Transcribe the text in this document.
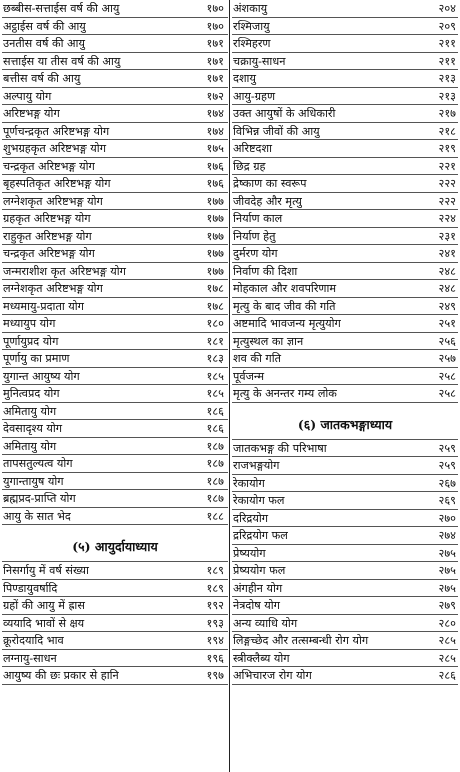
छब्बीस-सत्ताईस वर्ष की आयु	१७०
अट्ठाईस वर्ष की आयु	१७०
उनतीस वर्ष की आयु	१७१
सत्ताईस या तीस वर्ष की आयु	१७१
बत्तीस वर्ष की आयु	१७१
अल्पायु योग	१७२
अरिष्टभङ्ग योग	१७४
पूर्णचन्द्रकृत अरिष्टभङ्ग योग	१७४
शुभग्रहकृत अरिष्टभङ्ग योग	१७५
चन्द्रकृत अरिष्टभङ्ग योग	१७६
बृहस्पतिकृत अरिष्टभङ्ग योग	१७६
लग्नेशकृत अरिष्टभङ्ग योग	१७७
ग्रहकृत अरिष्टभङ्ग योग	१७७
राहुकृत अरिष्टभङ्ग योग	१७७
चन्द्रकृत अरिष्टभङ्ग योग	१७७
जन्मराशीश कृत अरिष्टभङ्ग योग	१७७
लग्नेशकृत अरिष्टभङ्ग योग	१७८
मध्यमायु-प्रदाता योग	१७८
मध्यायुप योग	१८०
पूर्णायुप्रद योग	१८१
पूर्णायु का प्रमाण	१८३
युगान्त आयुष्य योग	१८५
मुनित्वप्रद योग	१८५
अमितायु योग	१८६
देवसादृश्य योग	१८६
अमितायु योग	१८७
तापसतुल्यत्व योग	१८७
युगान्तायुष योग	१८७
ब्रह्मप्रद-प्राप्ति योग	१८७
आयु के सात भेद	१८८
(५) आयुर्दायाध्याय
निसर्गायु में वर्ष संख्या	१८९
पिण्डायुवर्षादि	१८९
ग्रहों की आयु में ह्रास	१९२
व्ययादि भावों से क्षय	१९३
क्रूरोदयादि भाव	१९४
लग्नायु-साधन	१९६
आयुष्य की छः प्रकार से हानि	१९७
अंशकायु	२०४
रश्मिजायु	२०९
रश्मिहरण	२११
चक्रायु-साधन	२११
दशायु	२१३
आयु-ग्रहण	२१३
उक्त आयुषों के अधिकारी	२१७
विभिन्न जीवों की आयु	२१८
अरिष्टदशा	२१९
छिद्र ग्रह	२२१
द्रेष्काण का स्वरूप	२२२
जीवदेह और मृत्यु	२२२
निर्याण काल	२२४
निर्याण हेतु	२३१
दुर्मरण योग	२४१
निर्वाण की दिशा	२४८
मोहकाल और शवपरिणाम	२४८
मृत्यु के बाद जीव की गति	२४९
अष्टमादि भावजन्य मृत्युयोग	२५१
मृत्युस्थल का ज्ञान	२५६
शव की गति	२५७
पूर्वजन्म	२५८
मृत्यु के अनन्तर गम्य लोक	२५८
(६) जातकभङ्गाध्याय
जातकभङ्ग की परिभाषा	२५९
राजभङ्गयोग	२५९
रेकायोग	२६७
रेकायोग फल	२६९
दरिद्रयोग	२७०
द्ररिद्रयोग फल	२७४
प्रेष्ययोग	२७५
प्रेष्ययोग फल	२७५
अंगहीन योग	२७५
नेत्रदोष योग	२७९
अन्य व्याधि योग	२८०
लिङ्गच्छेद और तत्सम्बन्धी रोग योग	२८५
स्त्रीक्लैब्य योग	२८५
अभिचारज रोग योग	२८६
